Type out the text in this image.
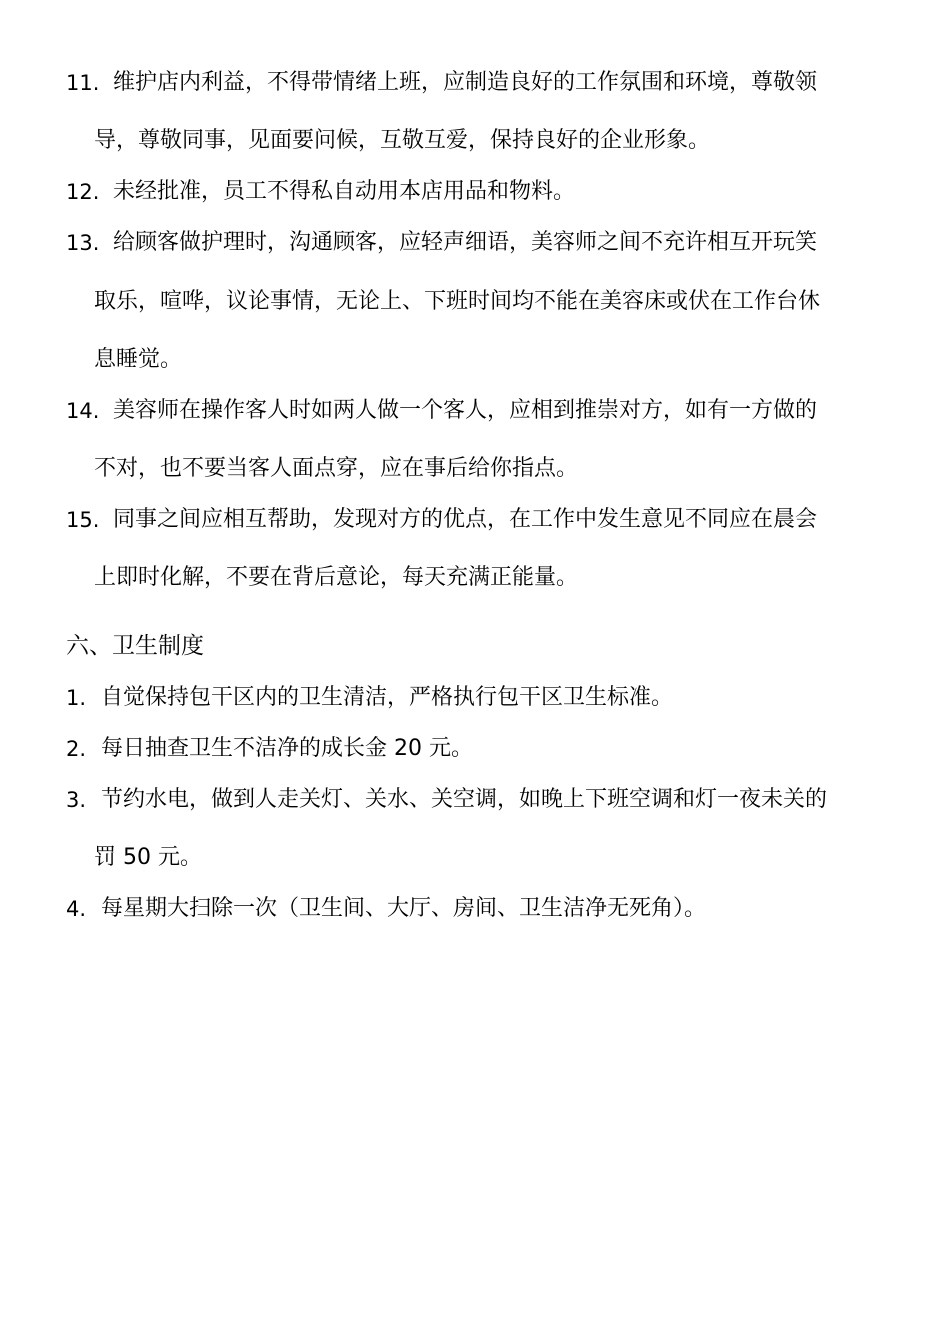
11. 维护店内利益，不得带情绪上班，应制造良好的工作氛围和环境，尊敬领
导，尊敬同事，见面要问候，互敬互爱，保持良好的企业形象。
12. 未经批准，员工不得私自动用本店用品和物料。
13. 给顾客做护理时，沟通顾客，应轻声细语，美容师之间不充许相互开玩笑
取乐，喧哗，议论事情，无论上、下班时间均不能在美容床或伏在工作台休
息睡觉。
14. 美容师在操作客人时如两人做一个客人，应相到推崇对方，如有一方做的
不对，也不要当客人面点穿，应在事后给你指点。
15. 同事之间应相互帮助，发现对方的优点，在工作中发生意见不同应在晨会
上即时化解，不要在背后意论，每天充满正能量。
六、卫生制度
1. 自觉保持包干区内的卫生清洁，严格执行包干区卫生标准。
2. 每日抽查卫生不洁净的成长金 20 元。
3. 节约水电，做到人走关灯、关水、关空调，如晚上下班空调和灯一夜未关的
罚 50 元。
4. 每星期大扫除一次（卫生间、大厅、房间、卫生洁净无死角）。
